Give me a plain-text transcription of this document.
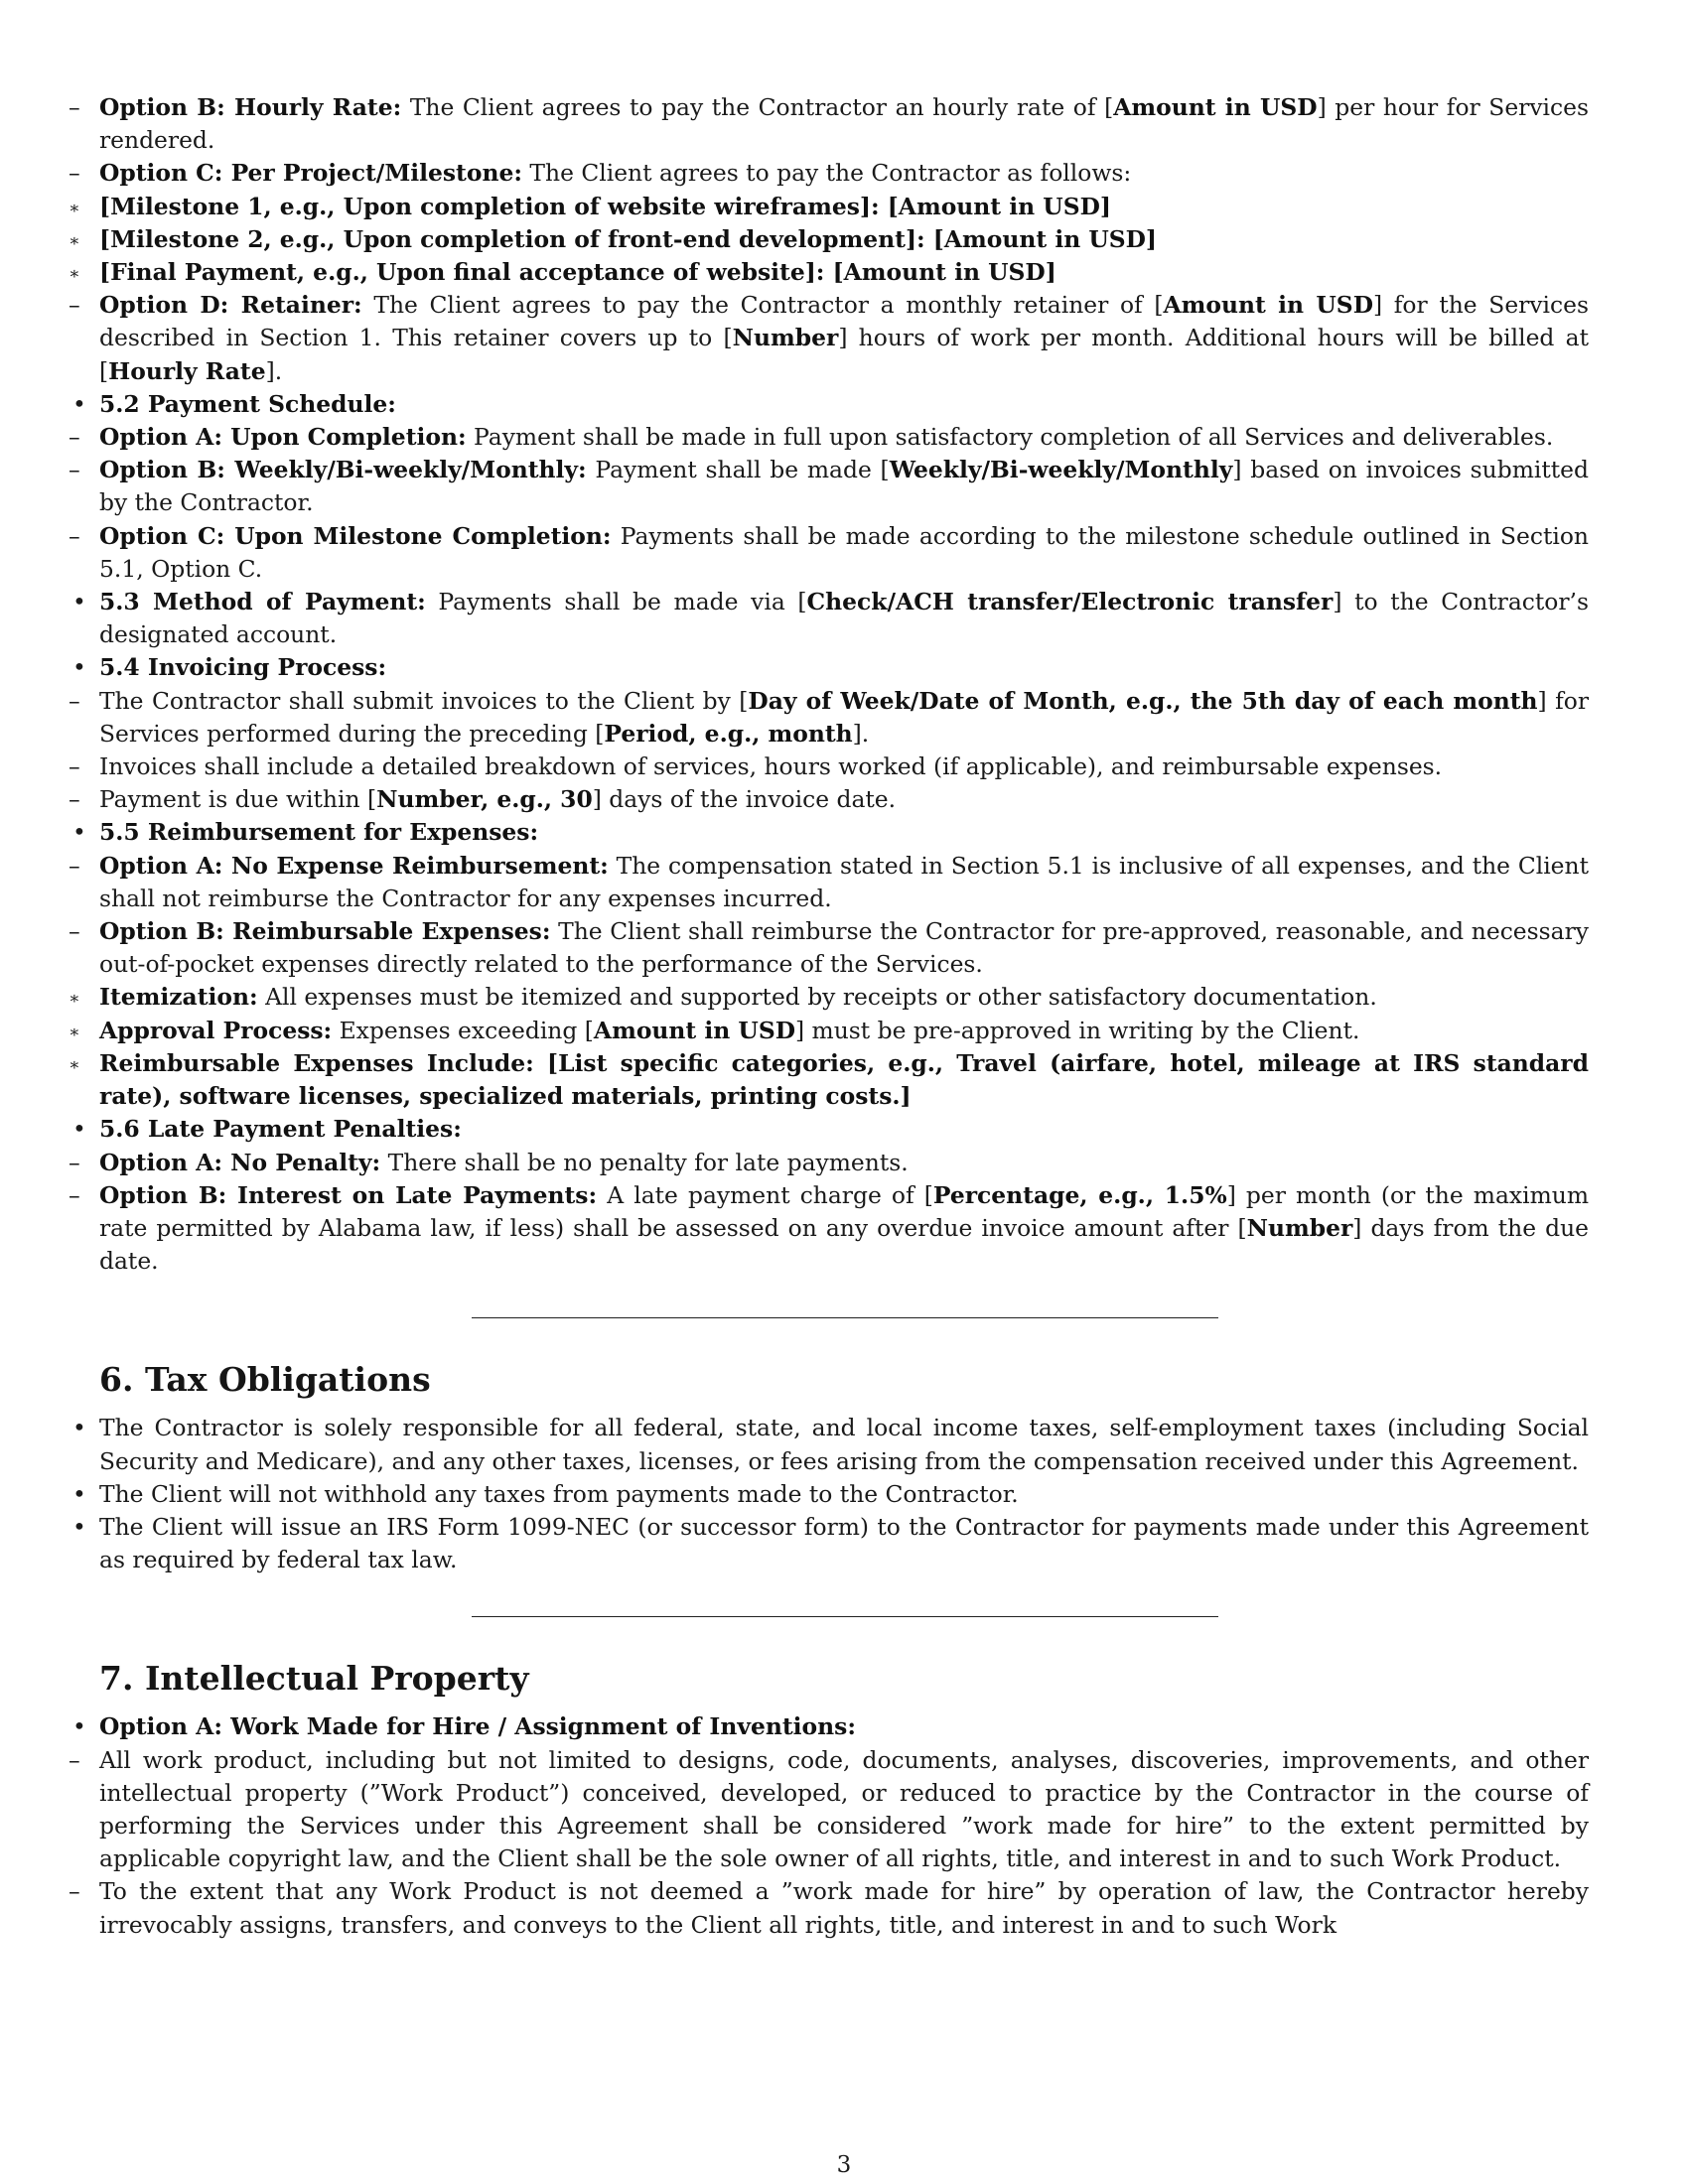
– Option B: Hourly Rate: The Client agrees to pay the Contractor an hourly rate of [Amount in USD] per hour for Services rendered.

– Option C: Per Project/Milestone: The Client agrees to pay the Contractor as follows:

∗ [Milestone 1, e.g., Upon completion of website wireframes]: [Amount in USD]

∗ [Milestone 2, e.g., Upon completion of front-end development]: [Amount in USD]

∗ [Final Payment, e.g., Upon final acceptance of website]: [Amount in USD]

– Option D: Retainer: The Client agrees to pay the Contractor a monthly retainer of [Amount in USD] for the Services described in Section 1. This retainer covers up to [Number] hours of work per month. Additional hours will be billed at [Hourly Rate].

• 5.2 Payment Schedule:

– Option A: Upon Completion: Payment shall be made in full upon satisfactory completion of all Services and deliverables.

– Option B: Weekly/Bi-weekly/Monthly: Payment shall be made [Weekly/Bi-weekly/Monthly] based on invoices submitted by the Contractor.

– Option C: Upon Milestone Completion: Payments shall be made according to the milestone schedule outlined in Section 5.1, Option C.

• 5.3 Method of Payment: Payments shall be made via [Check/ACH transfer/Electronic transfer] to the Contractor’s designated account.

• 5.4 Invoicing Process:

– The Contractor shall submit invoices to the Client by [Day of Week/Date of Month, e.g., the 5th day of each month] for Services performed during the preceding [Period, e.g., month].

– Invoices shall include a detailed breakdown of services, hours worked (if applicable), and reimbursable expenses.

– Payment is due within [Number, e.g., 30] days of the invoice date.

• 5.5 Reimbursement for Expenses:

– Option A: No Expense Reimbursement: The compensation stated in Section 5.1 is inclusive of all expenses, and the Client shall not reimburse the Contractor for any expenses incurred.

– Option B: Reimbursable Expenses: The Client shall reimburse the Contractor for pre-approved, reasonable, and necessary out-of-pocket expenses directly related to the performance of the Services.

∗ Itemization: All expenses must be itemized and supported by receipts or other satisfactory documentation.

∗ Approval Process: Expenses exceeding [Amount in USD] must be pre-approved in writing by the Client.

∗ Reimbursable Expenses Include: [List specific categories, e.g., Travel (airfare, hotel, mileage at IRS standard rate), software licenses, specialized materials, printing costs.]

• 5.6 Late Payment Penalties:

– Option A: No Penalty: There shall be no penalty for late payments.

– Option B: Interest on Late Payments: A late payment charge of [Percentage, e.g., 1.5%] per month (or the maximum rate permitted by Alabama law, if less) shall be assessed on any overdue invoice amount after [Number] days from the due date.

6. Tax Obligations

• The Contractor is solely responsible for all federal, state, and local income taxes, self-employment taxes (including Social Security and Medicare), and any other taxes, licenses, or fees arising from the compensation received under this Agreement.

• The Client will not withhold any taxes from payments made to the Contractor.

• The Client will issue an IRS Form 1099-NEC (or successor form) to the Contractor for payments made under this Agreement as required by federal tax law.

7. Intellectual Property

• Option A: Work Made for Hire / Assignment of Inventions:

– All work product, including but not limited to designs, code, documents, analyses, discoveries, improvements, and other intellectual property (”Work Product”) conceived, developed, or reduced to practice by the Contractor in the course of performing the Services under this Agreement shall be considered ”work made for hire” to the extent permitted by applicable copyright law, and the Client shall be the sole owner of all rights, title, and interest in and to such Work Product.

– To the extent that any Work Product is not deemed a ”work made for hire” by operation of law, the Contractor hereby irrevocably assigns, transfers, and conveys to the Client all rights, title, and interest in and to such Work

3
